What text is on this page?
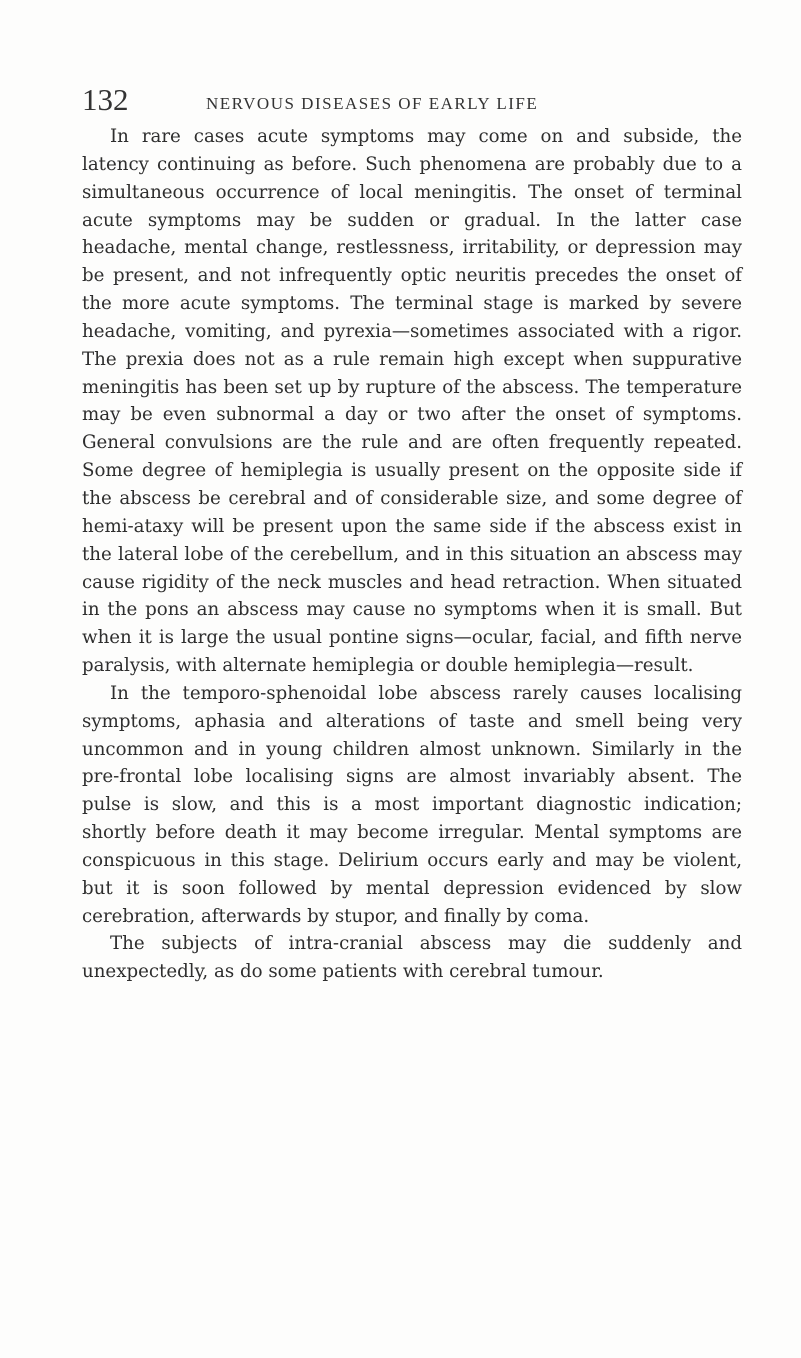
132	NERVOUS DISEASES OF EARLY LIFE

In rare cases acute symptoms may come on and subside, the latency continuing as before. Such phenomena are probably due to a simultaneous occurrence of local meningitis. The onset of terminal acute symptoms may be sudden or gradual. In the latter case headache, mental change, restlessness, irritability, or depression may be present, and not infrequently optic neuritis precedes the onset of the more acute symptoms. The terminal stage is marked by severe headache, vomiting, and pyrexia—sometimes associated with a rigor. The prexia does not as a rule remain high except when suppurative meningitis has been set up by rupture of the abscess. The temperature may be even subnormal a day or two after the onset of symptoms. General convulsions are the rule and are often frequently repeated. Some degree of hemiplegia is usually present on the opposite side if the abscess be cerebral and of considerable size, and some degree of hemi-ataxy will be present upon the same side if the abscess exist in the lateral lobe of the cerebellum, and in this situation an abscess may cause rigidity of the neck muscles and head retraction. When situated in the pons an abscess may cause no symptoms when it is small. But when it is large the usual pontine signs—ocular, facial, and fifth nerve paralysis, with alternate hemiplegia or double hemiplegia—result.

In the temporo-sphenoidal lobe abscess rarely causes localising symptoms, aphasia and alterations of taste and smell being very uncommon and in young children almost unknown. Similarly in the pre-frontal lobe localising signs are almost invariably absent. The pulse is slow, and this is a most important diagnostic indication; shortly before death it may become irregular. Mental symptoms are conspicuous in this stage. Delirium occurs early and may be violent, but it is soon followed by mental depression evidenced by slow cerebration, afterwards by stupor, and finally by coma.

The subjects of intra-cranial abscess may die suddenly and unexpectedly, as do some patients with cerebral tumour.
